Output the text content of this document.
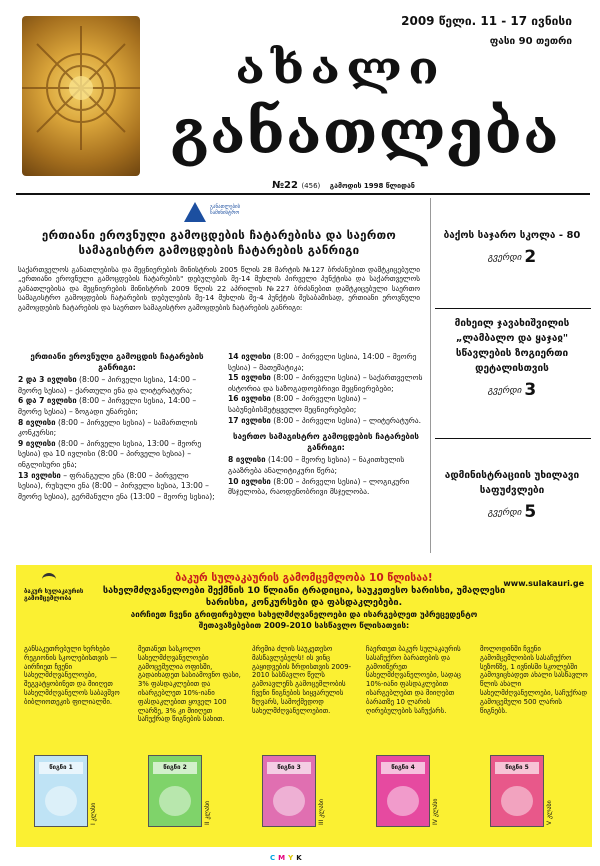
ახალი
განათლება
2009 წელი. 11 - 17 ივნისი
ფასი 90 თეთრი
№22 (456) გამოდის 1998 წლიდან
განათლების სამინისტრო
ერთიანი ეროვნული გამოცდების ჩატარებისა და საერთო სამაგისტრო გამოცდების ჩატარების განრიგი
საქართველოს განათლებისა და მეცნიერების მინისტრის 2005 წლის 28 მარტის №127 ბრძანებით დამტკიცებული „ერთიანი ეროვნული გამოცდების ჩატარების" დებულების მე-14 მუხლის პირველი პუნქტისა და საქართველოს განათლებისა და მეცნიერების მინისტრის 2009 წლის 22 აპრილის №227 ბრძანებით დამტკიცებული საერთო სამაგისტრო გამოცდების ჩატარების დებულების მე-14 მუხლის მე-4 პუნქტის შესაბამისად, ერთიანი ეროვნული გამოცდების ჩატარების და საერთო სამაგისტრო გამოცდების ჩატარების განრიგი:
ერთიანი ეროვნული გამოცდის ჩატარების განრიგი:
2 და 3 ივლისი (8:00 – პირველი სესია, 14:00 – მეორე სესია) – ქართული ენა და ლიტერატურა;
6 და 7 ივლისი (8:00 – პირველი სესია, 14:00 – მეორე სესია) – ზოგადი უნარები;
8 ივლისი (8:00 – პირველი სესია) – სამართლის კონკურსი;
9 ივლისი (8:00 – პირველი სესია, 13:00 – მეორე სესია) და 10 ივლისი (8:00 – პირველი სესია) – ინგლისური ენა;
13 ივლისი – ფრანგული ენა (8:00 – პირველი სესია), რუსული ენა (8:00 – პირველი სესია, 13:00 – მეორე სესია), გერმანული ენა (13:00 – მეორე სესია);
14 ივლისი (8:00 – პირველი სესია, 14:00 – მეორე სესია) – მათემატიკა;
15 ივლისი (8:00 – პირველი სესია) – საქართველოს ისტორია და საზოგადოებრივი მეცნიერებები;
16 ივლისი (8:00 – პირველი სესია) – საბუნებისმეტყველო მეცნიერებები;
17 ივლისი (8:00 – პირველი სესია) – ლიტერატურა.
საერთო სამაგისტრო გამოცდების ჩატარების განრიგი:
8 ივლისი (14:00 – მეორე სესია) – ნაკითხულის გააზრება ანალიტიკური წერა;
10 ივლისი (8:00 – პირველი სესია) – ლოგიკური მსჯელობა, რაოდენობრივი მსჯელობა.
ბაქოს საჯარო სკოლა - 80
გვერდი 2
მიხეილ ჯავახიშვილის „ლამბალო და ყაჯაჲ" სწავლების ზოგიერთი დეტალისთვის
გვერდი 3
ადმინისტრაციის უხილავი საფუძვლები
გვერდი 5
ბაკურ სულაკაურის გამომცემლობა
ბაკურ სულაკაურის გამომცემლობა 10 წლისაა!
სახელმძღვანელოები შექმნის 10 წლიანი ტრადიცია, საუკეთესო ხარისხი, უმაღლესი ხარისხი, კონკურსები და ფასდაკლებები.
აირჩიეთ ჩვენი გრიფირებული სახელმძღვანელოები და ისარგებლეთ უპრეცედენტო შეთავაზებებით 2009-2010 სასწავლო წლისათვის:
www.sulakauri.ge
განსაკუთრებული ხერხები რეგიონის სკოლებისთვის — აირჩიეთ ჩვენი სახელმძღვანელოები, შეგვატყობინეთ და მიიღეთ სახელმძღვანელოს საბავშვო ბიბლიოთეკის ფილიალში.
მეთანეთ სასკოლო სახელმძღვანელოები გამოცემულია ოფისში, გადაიხადეთ სასიამოვნო ფასი, 3% ფასდაკლებით და ისარგებლეთ 10%-იანი ფასდაკლებით ყოველ 100 ლარზე, 3% კი მიიღეთ საჩუქრად წიგნების სახით.
პრემია ძლის საუკეთესო მასწავლებელს! ის ვინც გაყიდვების ზრდისთვის 2009-2010 სასწავლო წელს გამოავლენს გამოცემლობის ჩვენი წიგნების სიყვარულის ზღვარს, სამოქმედოდ სახელმძღვანელოებით.
ჩაერთეთ ბაკურ სულაკაურის სასაჩუქრო ბარათების და გამოიწერეთ სახელმძღვანელოები, სადაც 10%-იანი ფასდაკლებით ისარგებლებთ და მიიღებთ ბარათზე 10 ლარის ღირებულების საჩუქარს.
მოლოდინში ჩვენი გამომცემლობის სასაჩუქრო სეზონზე, 1 ივნისში სკოლებში გამოვიცხადეთ ახალი სასწავლო წლის ახალი სახელმძღვანელოები, საჩუქრად გამოცემული 500 ლარის წიგნებს.
წიგნი 1
I კლასი
წიგნი 2
II კლასი
წიგნი 3
III კლასი
წიგნი 4
IV კლასი
წიგნი 5
V კლასი
CMYK
